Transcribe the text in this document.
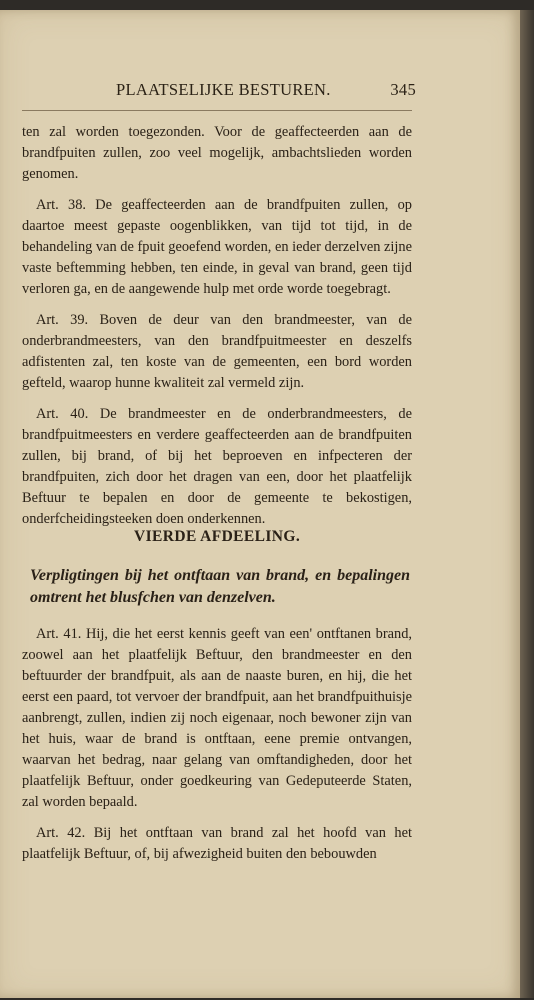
PLAATSELIJKE BESTUREN.	345

ten zal worden toegezonden. Voor de geaffecteerden aan de brandfpuiten zullen, zoo veel mogelijk, ambachtslieden worden genomen.

Art. 38. De geaffecteerden aan de brandfpuiten zullen, op daartoe meest gepaste oogenblikken, van tijd tot tijd, in de behandeling van de fpuit geoefend worden, en ieder derzelven zijne vaste beftemming hebben, ten einde, in geval van brand, geen tijd verloren ga, en de aangewende hulp met orde worde toegebragt.

Art. 39. Boven de deur van den brandmeester, van de onderbrandmeesters, van den brandfpuitmeester en deszelfs adfistenten zal, ten koste van de gemeenten, een bord worden gefteld, waarop hunne kwaliteit zal vermeld zijn.

Art. 40. De brandmeester en de onderbrandmeesters, de brandfpuitmeesters en verdere geaffecteerden aan de brandfpuiten zullen, bij brand, of bij het beproeven en infpecteren der brandfpuiten, zich door het dragen van een, door het plaatfelijk Beftuur te bepalen en door de gemeente te bekostigen, onderfcheidingsteeken doen onderkennen.

VIERDE AFDEELING.
Verpligtingen bij het ontftaan van brand, en bepalingen omtrent het blusfchen van denzelven.

Art. 41. Hij, die het eerst kennis geeft van een' ontftanen brand, zoowel aan het plaatfelijk Beftuur, den brandmeester en den beftuurder der brandfpuit, als aan de naaste buren, en hij, die het eerst een paard, tot vervoer der brandfpuit, aan het brandfpuithuisje aanbrengt, zullen, indien zij noch eigenaar, noch bewoner zijn van het huis, waar de brand is ontftaan, eene premie ontvangen, waarvan het bedrag, naar gelang van omftandigheden, door het plaatfelijk Beftuur, onder goedkeuring van Gedeputeerde Staten, zal worden bepaald.

Art. 42. Bij het ontftaan van brand zal het hoofd van het plaatfelijk Beftuur, of, bij afwezigheid buiten den bebouwden
